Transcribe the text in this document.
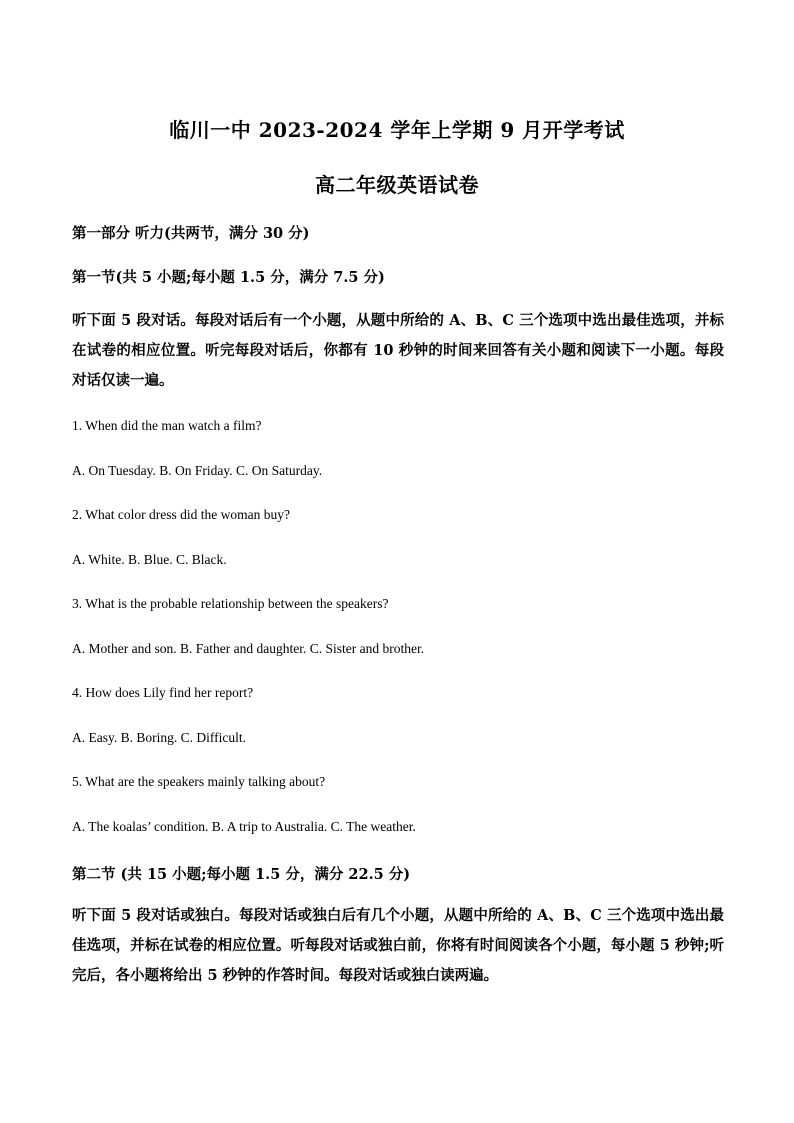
临川一中 2023-2024 学年上学期 9 月开学考试
高二年级英语试卷

第一部分 听力(共两节，满分 30 分)

第一节(共 5 小题;每小题 1.5 分，满分 7.5 分)

听下面 5 段对话。每段对话后有一个小题，从题中所给的 A、B、C 三个选项中选出最佳选项，并标在试卷的相应位置。听完每段对话后，你都有 10 秒钟的时间来回答有关小题和阅读下一小题。每段对话仅读一遍。

1. When did the man watch a film?

A. On Tuesday. B. On Friday. C. On Saturday.

2. What color dress did the woman buy?

A. White. B. Blue. C. Black.

3. What is the probable relationship between the speakers?

A. Mother and son. B. Father and daughter. C. Sister and brother.

4. How does Lily find her report?

A. Easy. B. Boring. C. Difficult.

5. What are the speakers mainly talking about?

A. The koalas’ condition. B. A trip to Australia. C. The weather.

第二节 (共 15 小题;每小题 1.5 分，满分 22.5 分)

听下面 5 段对话或独白。每段对话或独白后有几个小题，从题中所给的 A、B、C 三个选项中选出最佳选项，并标在试卷的相应位置。听每段对话或独白前，你将有时间阅读各个小题，每小题 5 秒钟;听完后，各小题将给出 5 秒钟的作答时间。每段对话或独白读两遍。
